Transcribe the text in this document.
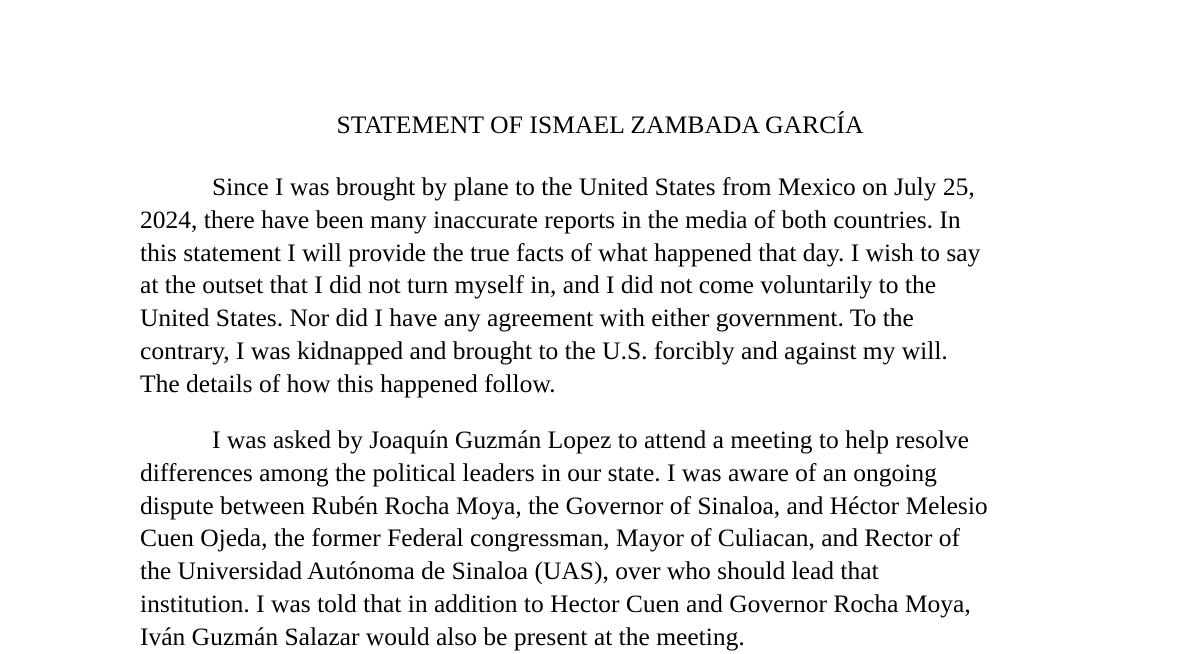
STATEMENT OF ISMAEL ZAMBADA GARCÍA

Since I was brought by plane to the United States from Mexico on July 25,
2024, there have been many inaccurate reports in the media of both countries. In
this statement I will provide the true facts of what happened that day. I wish to say
at the outset that I did not turn myself in, and I did not come voluntarily to the
United States. Nor did I have any agreement with either government. To the
contrary, I was kidnapped and brought to the U.S. forcibly and against my will.
The details of how this happened follow.

I was asked by Joaquín Guzmán Lopez to attend a meeting to help resolve
differences among the political leaders in our state. I was aware of an ongoing
dispute between Rubén Rocha Moya, the Governor of Sinaloa, and Héctor Melesio
Cuen Ojeda, the former Federal congressman, Mayor of Culiacan, and Rector of
the Universidad Autónoma de Sinaloa (UAS), over who should lead that
institution. I was told that in addition to Hector Cuen and Governor Rocha Moya,
Iván Guzmán Salazar would also be present at the meeting.
